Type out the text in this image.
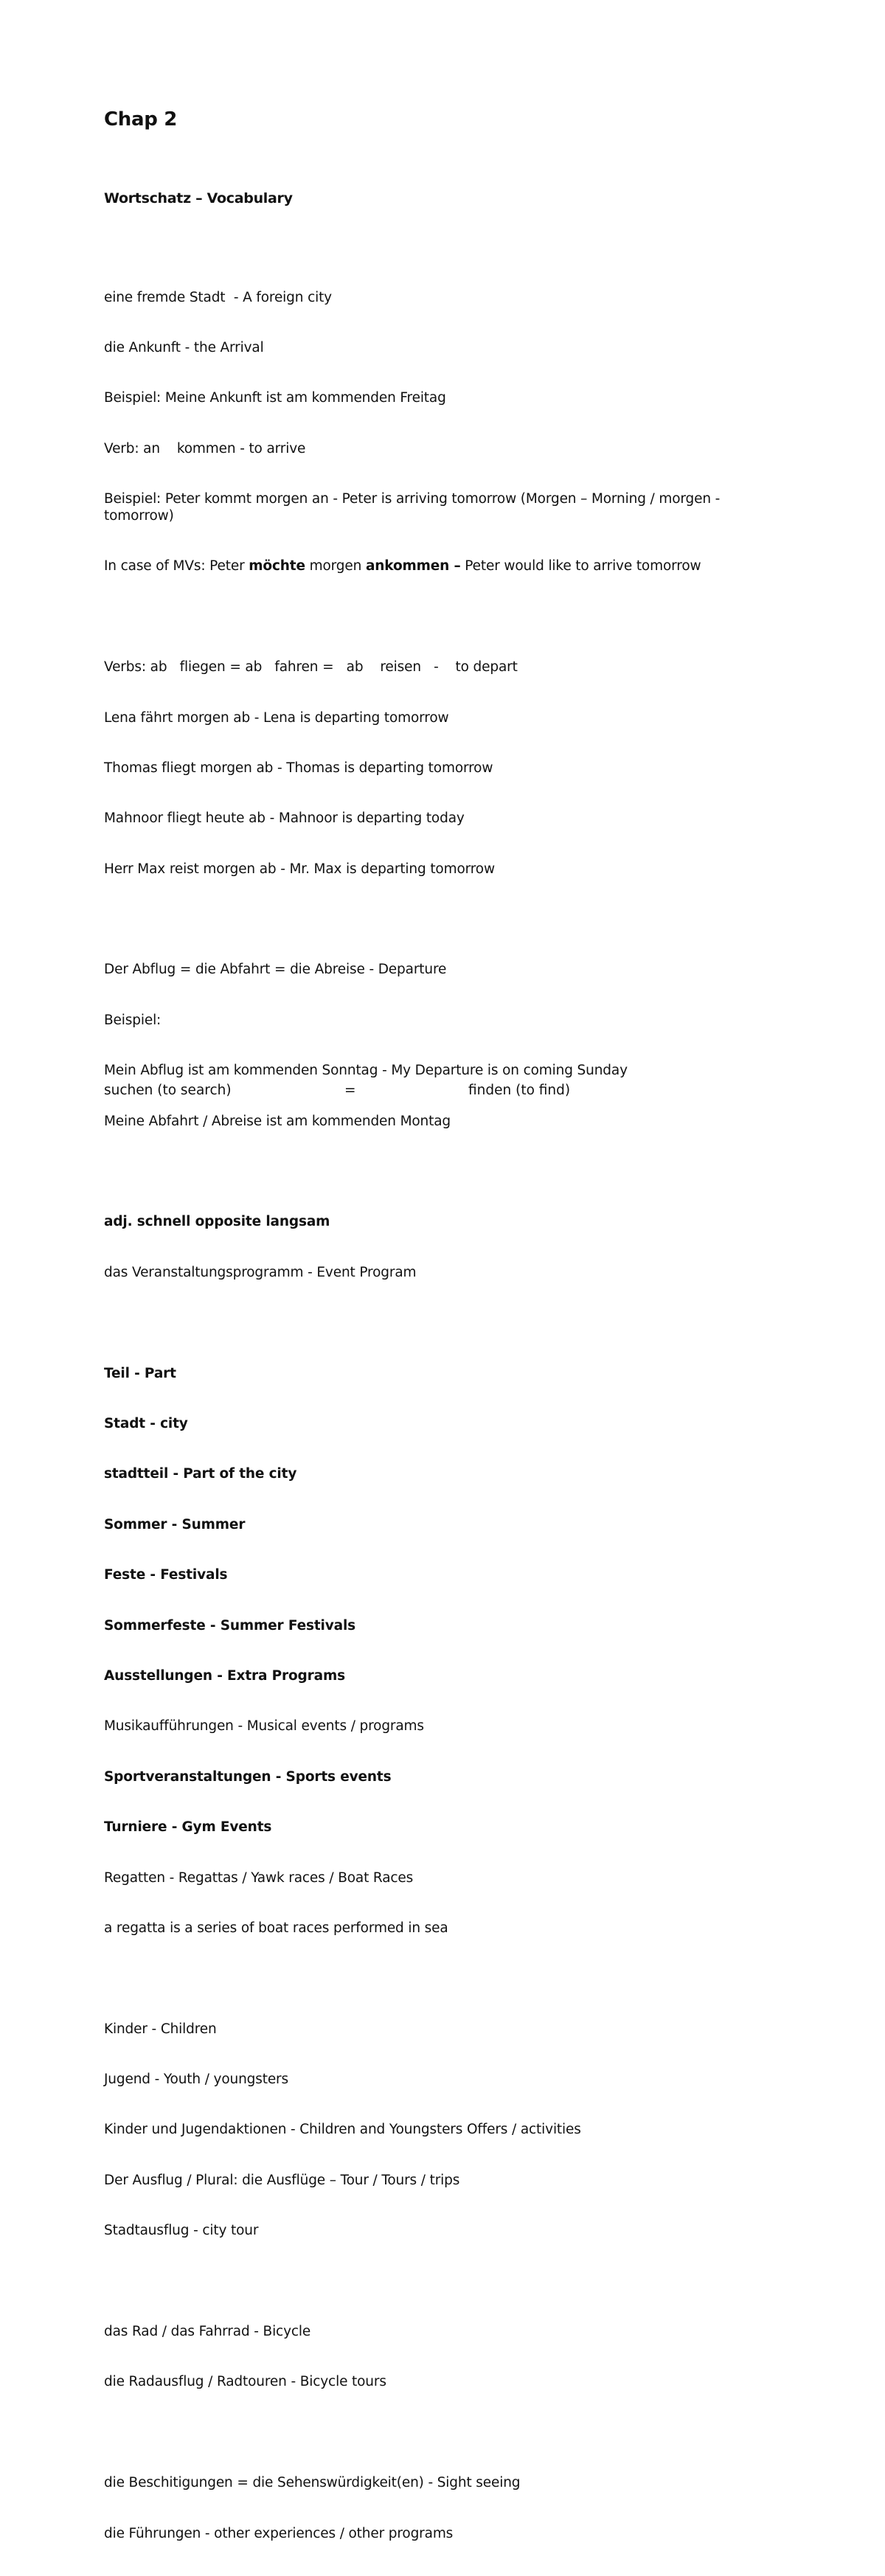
Chap 2
Wortschatz – Vocabulary

eine fremde Stadt  - A foreign city

die Ankunft - the Arrival

Beispiel: Meine Ankunft ist am kommenden Freitag

Verb: an    kommen - to arrive

Beispiel: Peter kommt morgen an - Peter is arriving tomorrow (Morgen – Morning / morgen - tomorrow)

In case of MVs: Peter möchte morgen ankommen – Peter would like to arrive tomorrow

Verbs: ab   fliegen = ab   fahren =   ab    reisen   -    to depart

Lena fährt morgen ab - Lena is departing tomorrow

Thomas fliegt morgen ab - Thomas is departing tomorrow

Mahnoor fliegt heute ab - Mahnoor is departing today

Herr Max reist morgen ab - Mr. Max is departing tomorrow

Der Abflug = die Abfahrt = die Abreise - Departure

Beispiel:

Mein Abflug ist am kommenden Sonntag - My Departure is on coming Sunday

Meine Abfahrt / Abreise ist am kommenden Montag

adj. schnell opposite langsam

das Veranstaltungsprogramm - Event Program

Teil - Part

Stadt - city

stadtteil - Part of the city

Sommer - Summer

Feste - Festivals

Sommerfeste - Summer Festivals

Ausstellungen - Extra Programs

Musikaufführungen - Musical events / programs

Sportveranstaltungen - Sports events

Turniere - Gym Events

Regatten - Regattas / Yawk races / Boat Races

a regatta is a series of boat races performed in sea

Kinder - Children

Jugend - Youth / youngsters

Kinder und Jugendaktionen - Children and Youngsters Offers / activities

Der Ausflug / Plural: die Ausflüge – Tour / Tours / trips

Stadtausflug - city tour

das Rad / das Fahrrad - Bicycle

die Radausflug / Radtouren - Bicycle tours

die Beschitigungen = die Sehenswürdigkeit(en) - Sight seeing

die Führungen - other experiences / other programs

suchen (to search)	=	finden (to find)
